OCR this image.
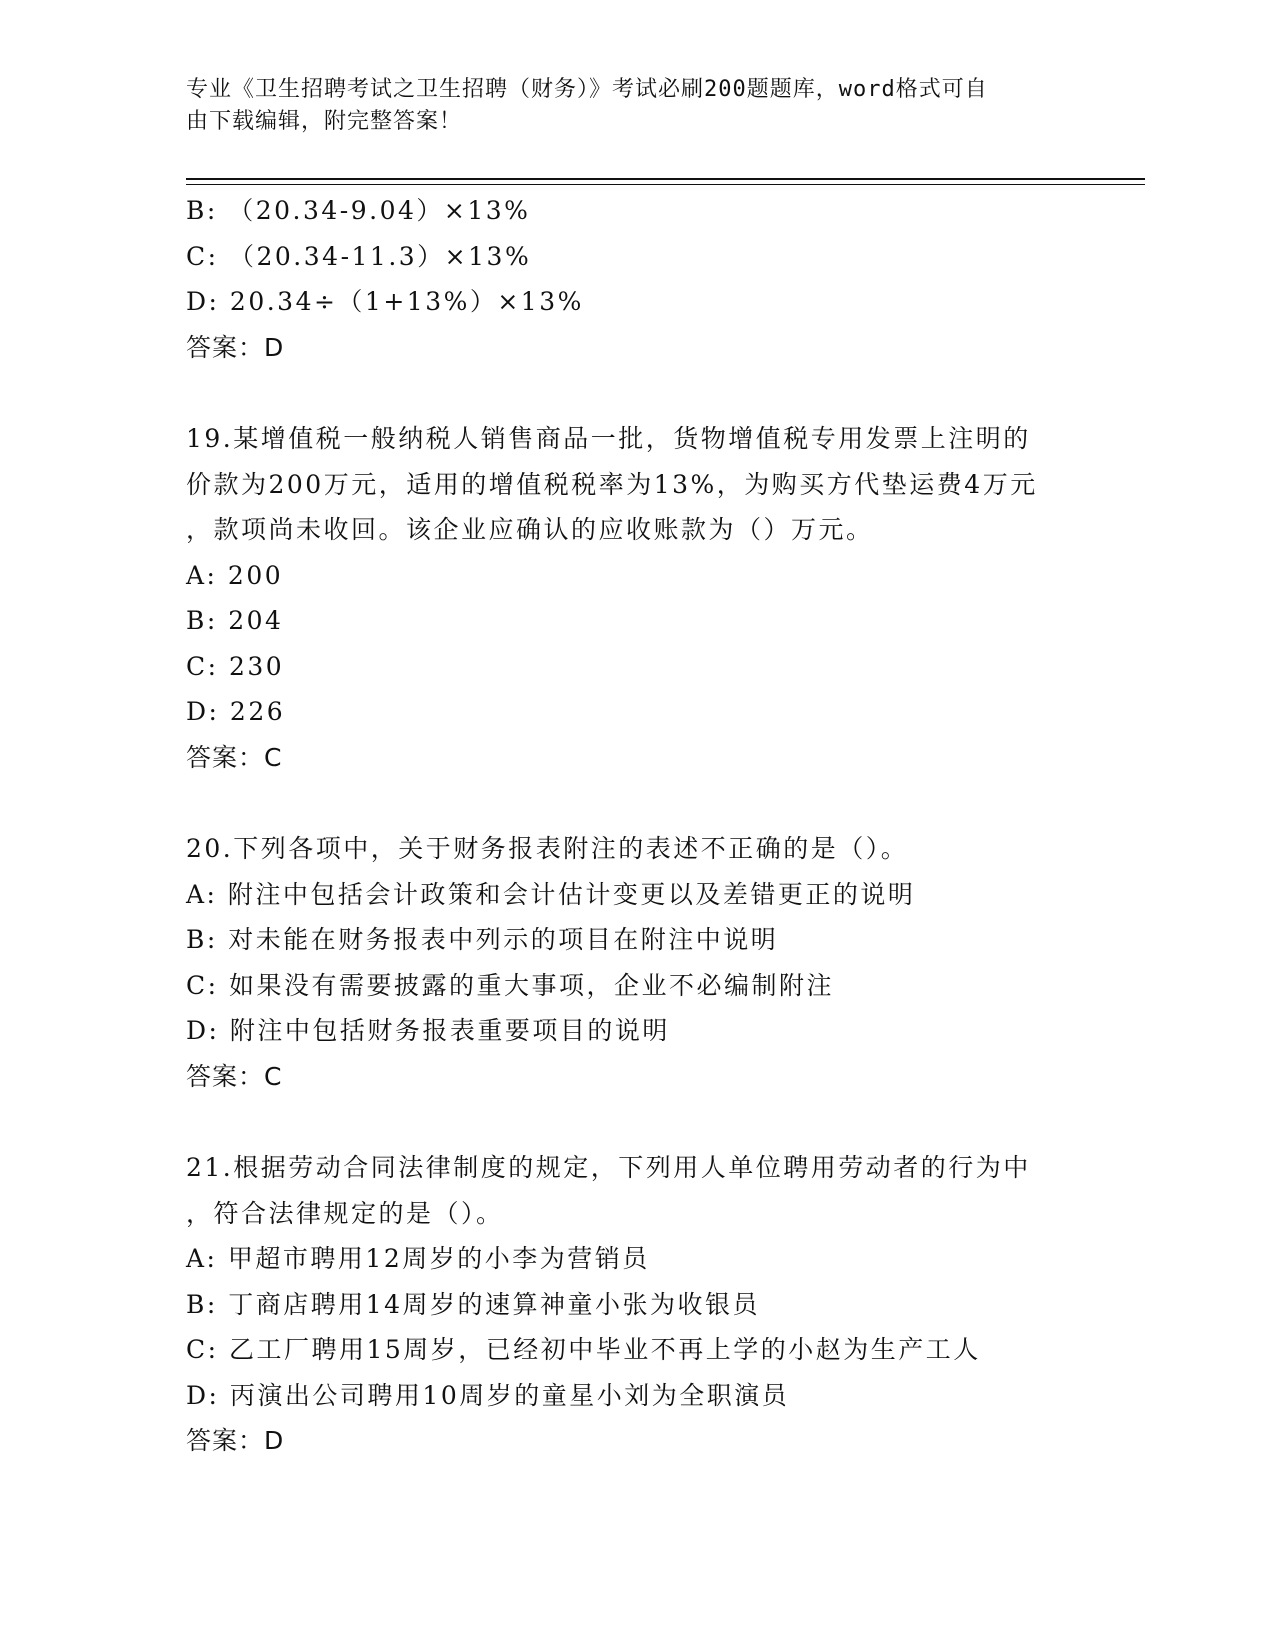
专业《卫生招聘考试之卫生招聘（财务）》考试必刷200题题库，word格式可自
由下载编辑，附完整答案！
B: （20.34-9.04）×13%
C: （20.34-11.3）×13%
D: 20.34÷（1+13%）×13%
答案：D
19.某增值税一般纳税人销售商品一批，货物增值税专用发票上注明的
价款为200万元，适用的增值税税率为13%，为购买方代垫运费4万元
，款项尚未收回。该企业应确认的应收账款为（）万元。
A: 200
B: 204
C: 230
D: 226
答案：C
20.下列各项中，关于财务报表附注的表述不正确的是（）。
A: 附注中包括会计政策和会计估计变更以及差错更正的说明
B: 对未能在财务报表中列示的项目在附注中说明
C: 如果没有需要披露的重大事项，企业不必编制附注
D: 附注中包括财务报表重要项目的说明
答案：C
21.根据劳动合同法律制度的规定，下列用人单位聘用劳动者的行为中
，符合法律规定的是（）。
A: 甲超市聘用12周岁的小李为营销员
B: 丁商店聘用14周岁的速算神童小张为收银员
C: 乙工厂聘用15周岁，已经初中毕业不再上学的小赵为生产工人
D: 丙演出公司聘用10周岁的童星小刘为全职演员
答案：D
